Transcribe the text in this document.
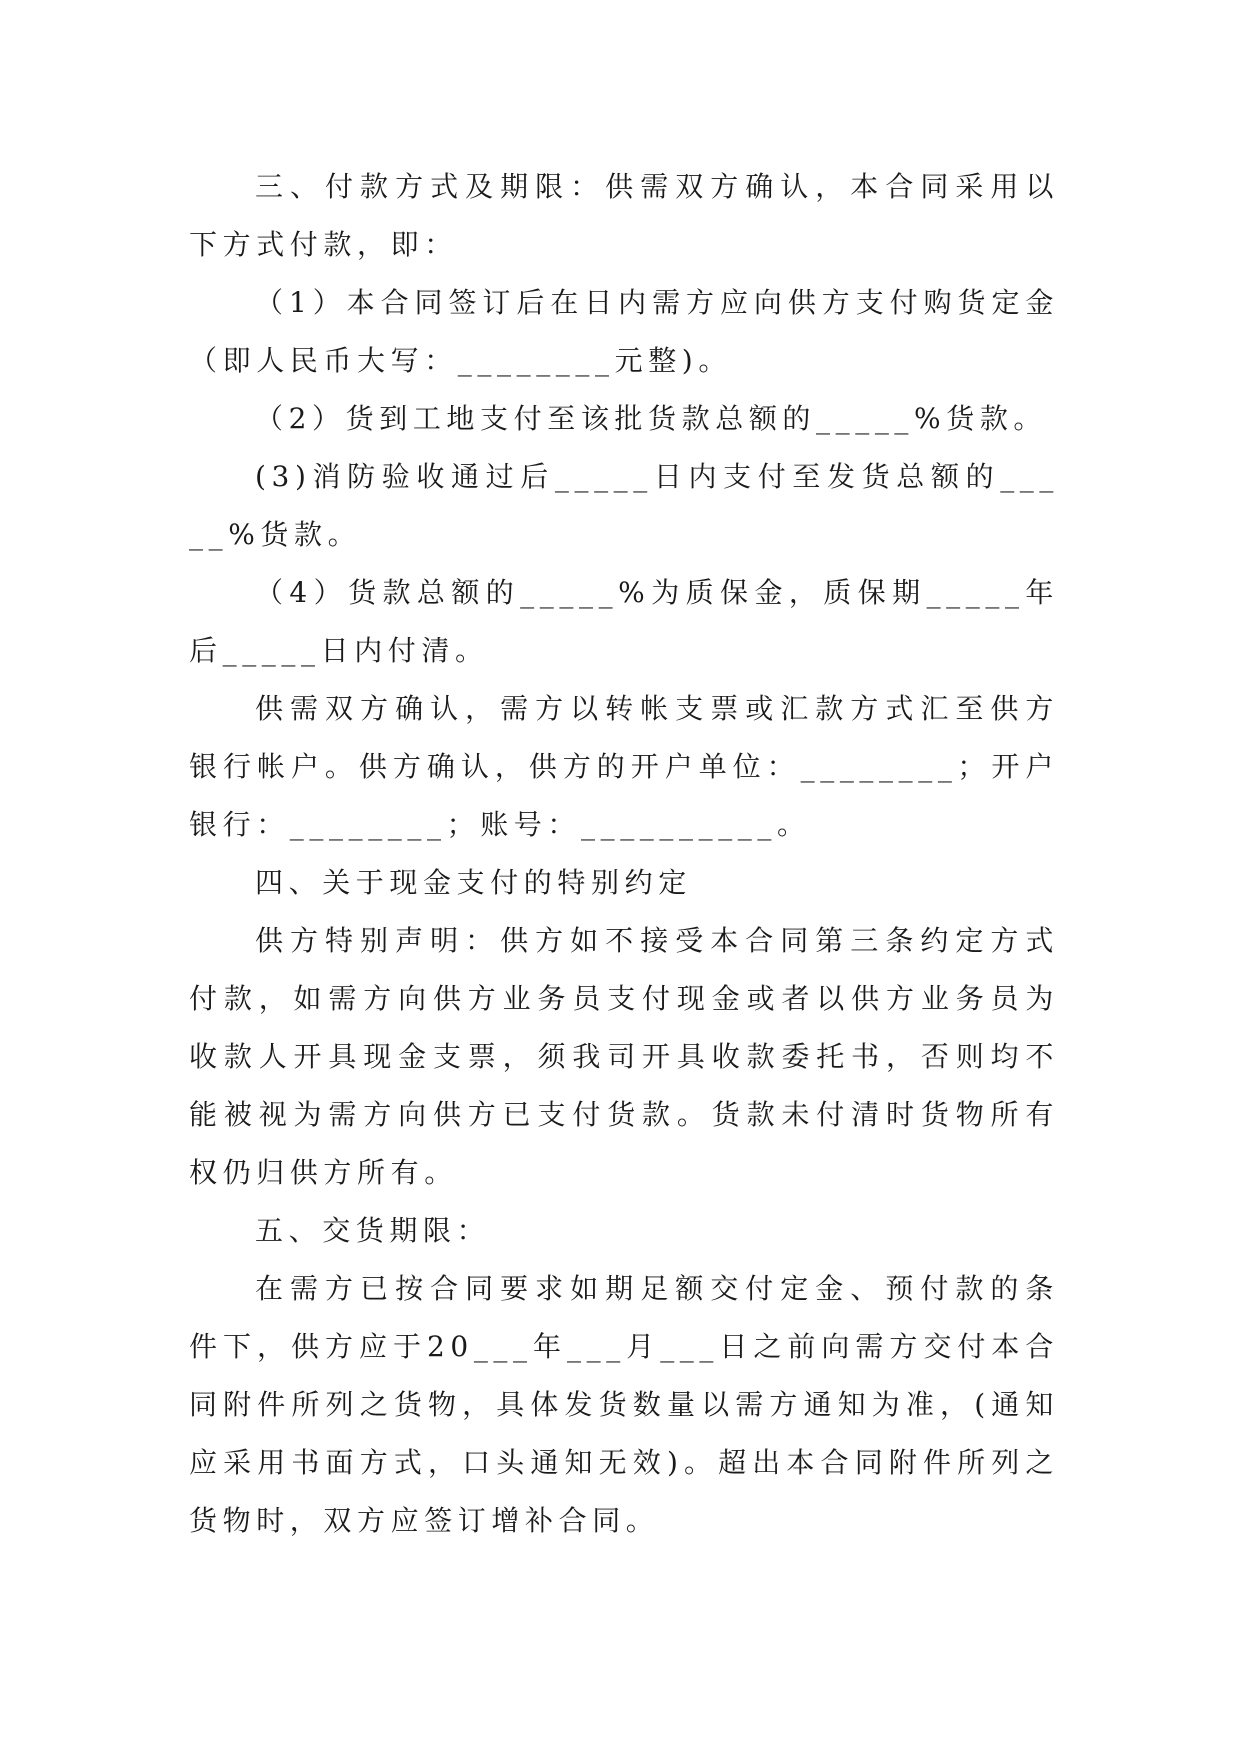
三、付款方式及期限：供需双方确认，本合同采用以下方式付款，即：

（1）本合同签订后在日内需方应向供方支付购货定金（即人民币大写：________元整)。

（2）货到工地支付至该批货款总额的_____%货款。

(3)消防验收通过后_____日内支付至发货总额的_____%货款。

（4）货款总额的_____%为质保金，质保期_____年后_____日内付清。

供需双方确认，需方以转帐支票或汇款方式汇至供方银行帐户。供方确认，供方的开户单位：________；开户银行：________；账号：__________。

四、关于现金支付的特别约定

供方特别声明：供方如不接受本合同第三条约定方式付款，如需方向供方业务员支付现金或者以供方业务员为收款人开具现金支票，须我司开具收款委托书，否则均不能被视为需方向供方已支付货款。货款未付清时货物所有权仍归供方所有。

五、交货期限：

在需方已按合同要求如期足额交付定金、预付款的条件下，供方应于20___年___月___日之前向需方交付本合同附件所列之货物，具体发货数量以需方通知为准，(通知应采用书面方式，口头通知无效)。超出本合同附件所列之货物时，双方应签订增补合同。
